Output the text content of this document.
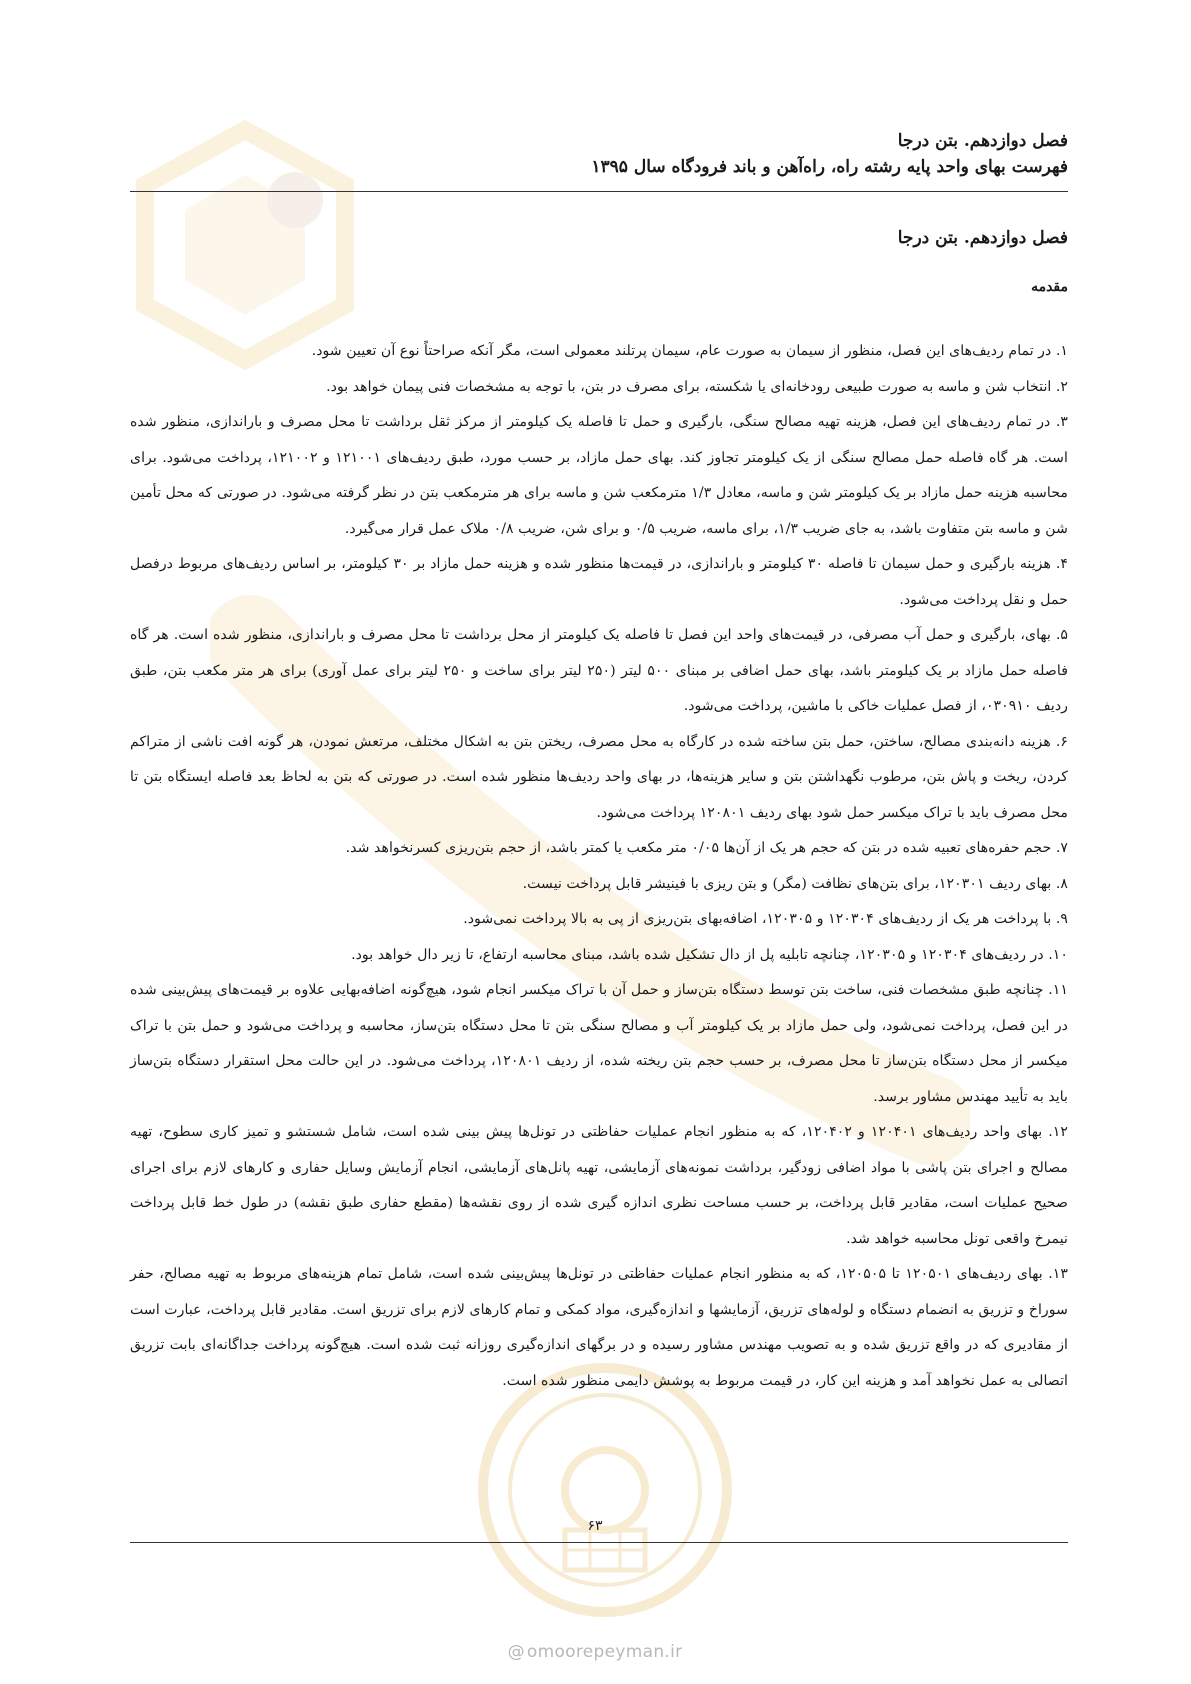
فصل دوازدهم. بتن درجا
فهرست بهای واحد پایه رشته راه، راه‌آهن و باند فرودگاه سال ۱۳۹۵
فصل دوازدهم. بتن درجا
مقدمه

۱. در تمام ردیف‌های این فصل، منظور از سیمان به صورت عام، سیمان پرتلند معمولی است، مگر آنکه صراحتاً نوع آن تعیین شود.

۲. انتخاب شن و ماسه به صورت طبیعی رودخانه‌ای یا شکسته، برای مصرف در بتن، با توجه به مشخصات فنی پیمان خواهد بود.

۳. در تمام ردیف‌های این فصل، هزینه تهیه مصالح سنگی، بارگیری و حمل تا فاصله یک کیلومتر از مرکز ثقل برداشت تا محل مصرف و باراندازی، منظور شده است. هر گاه فاصله حمل مصالح سنگی از یک کیلومتر تجاوز کند. بهای حمل مازاد، بر حسب مورد، طبق ردیف‌های ۱۲۱۰۰۱ و ۱۲۱۰۰۲، پرداخت می‌شود. برای محاسبه هزینه حمل مازاد بر یک کیلومتر شن و ماسه، معادل ۱/۳ مترمکعب شن و ماسه برای هر مترمکعب بتن در نظر گرفته می‌شود. در صورتی که محل تأمین شن و ماسه بتن متفاوت باشد، به جای ضریب ۱/۳، برای ماسه، ضریب ۰/۵ و برای شن، ضریب ۰/۸ ملاک عمل قرار می‌گیرد.

۴. هزینه بارگیری و حمل سیمان تا فاصله ۳۰ کیلومتر و باراندازی، در قیمت‌ها منظور شده و هزینه حمل مازاد بر ۳۰ کیلومتر، بر اساس ردیف‌های مربوط درفصل حمل و نقل پرداخت می‌شود.

۵. بهای، بارگیری و حمل آب مصرفی، در قیمت‌های واحد این فصل تا فاصله یک کیلومتر از محل برداشت تا محل مصرف و باراندازی، منظور شده است. هر گاه فاصله حمل مازاد بر یک کیلومتر باشد، بهای حمل اضافی بر مبنای ۵۰۰ لیتر (۲۵۰ لیتر برای ساخت و ۲۵۰ لیتر برای عمل آوری) برای هر متر مکعب بتن، طبق ردیف ۰۳۰۹۱۰، از فصل عملیات خاکی با ماشین، پرداخت می‌شود.

۶. هزینه دانه‌بندی مصالح، ساختن، حمل بتن ساخته شده در کارگاه به محل مصرف، ریختن بتن به اشکال مختلف، مرتعش نمودن، هر گونه افت ناشی از متراکم کردن، ریخت و پاش بتن، مرطوب نگهداشتن بتن و سایر هزینه‌ها، در بهای واحد ردیف‌ها منظور شده است. در صورتی که بتن به لحاظ بعد فاصله ایستگاه بتن تا محل مصرف باید با تراک میکسر حمل شود بهای ردیف ۱۲۰۸۰۱ پرداخت می‌شود.

۷. حجم حفره‌های تعبیه شده در بتن که حجم هر یک از آن‌ها ۰/۰۵ متر مکعب یا کمتر باشد، از حجم بتن‌ریزی کسرنخواهد شد.

۸. بهای ردیف ۱۲۰۳۰۱، برای بتن‌های نظافت (مگر) و بتن ریزی با فینیشر قابل پرداخت نیست.

۹. با پرداخت هر یک از ردیف‌های ۱۲۰۳۰۴ و ۱۲۰۳۰۵، اضافه‌بهای بتن‌ریزی از پی به بالا پرداخت نمی‌شود.

۱۰. در ردیف‌های ۱۲۰۳۰۴ و ۱۲۰۳۰۵، چنانچه تابلیه پل از دال تشکیل شده باشد، مبنای محاسبه ارتفاع، تا زیر دال خواهد بود.

۱۱. چنانچه طبق مشخصات فنی، ساخت بتن توسط دستگاه بتن‌ساز و حمل آن با تراک میکسر انجام شود، هیچ‌گونه اضافه‌بهایی علاوه بر قیمت‌های پیش‌بینی شده در این فصل، پرداخت نمی‌شود، ولی حمل مازاد بر یک کیلومتر آب و مصالح سنگی بتن تا محل دستگاه بتن‌ساز، محاسبه و پرداخت می‌شود و حمل بتن با تراک میکسر از محل دستگاه بتن‌ساز تا محل مصرف، بر حسب حجم بتن ریخته شده، از ردیف ۱۲۰۸۰۱، پرداخت می‌شود. در این حالت محل استقرار دستگاه بتن‌ساز باید به تأیید مهندس مشاور برسد.

۱۲. بهای واحد ردیف‌های ۱۲۰۴۰۱ و ۱۲۰۴۰۲، که به منظور انجام عملیات حفاظتی در تونل‌ها پیش بینی شده است، شامل شستشو و تمیز کاری سطوح، تهیه مصالح و اجرای بتن پاشی با مواد اضافی زودگیر، برداشت نمونه‌های آزمایشی، تهیه پانل‌های آزمایشی، انجام آزمایش وسایل حفاری و کارهای لازم برای اجرای صحیح عملیات است، مقادیر قابل پرداخت، بر حسب مساحت نظری اندازه گیری شده از روی نقشه‌ها (مقطع حفاری طبق نقشه) در طول خط قابل پرداخت نیمرخ واقعی تونل محاسبه خواهد شد.

۱۳. بهای ردیف‌های ۱۲۰۵۰۱ تا ۱۲۰۵۰۵، که به منظور انجام عملیات حفاظتی در تونل‌ها پیش‌بینی شده است، شامل تمام هزینه‌های مربوط به تهیه مصالح، حفر سوراخ و تزریق به انضمام دستگاه و لوله‌های تزریق، آزمایشها و اندازه‌گیری، مواد کمکی و تمام کارهای لازم برای تزریق است. مقادیر قابل پرداخت، عبارت است از مقادیری که در واقع تزریق شده و به تصویب مهندس مشاور رسیده و در برگهای اندازه‌گیری روزانه ثبت شده است. هیچ‌گونه پرداخت جداگانه‌ای بابت تزریق اتصالی به عمل نخواهد آمد و هزینه این کار، در قیمت مربوط به پوشش دایمی منظور شده است.

۶۳
@ omoorepeyman.ir
